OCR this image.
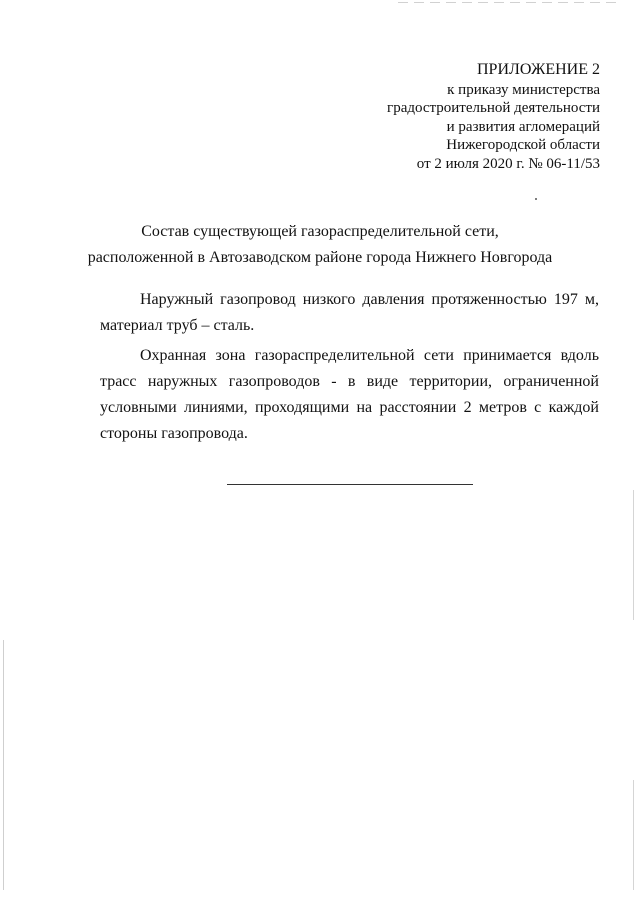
ПРИЛОЖЕНИЕ 2
к приказу министерства
градостроительной деятельности
и развития агломераций
Нижегородской области
от 2 июля 2020 г. № 06-11/53
Состав существующей газораспределительной сети,
расположенной в Автозаводском районе города Нижнего Новгорода

Наружный газопровод низкого давления протяженностью 197 м, материал труб – сталь.

Охранная зона газораспределительной сети принимается вдоль трасс наружных газопроводов - в виде территории, ограниченной условными линиями, проходящими на расстоянии 2 метров с каждой стороны газопровода.
